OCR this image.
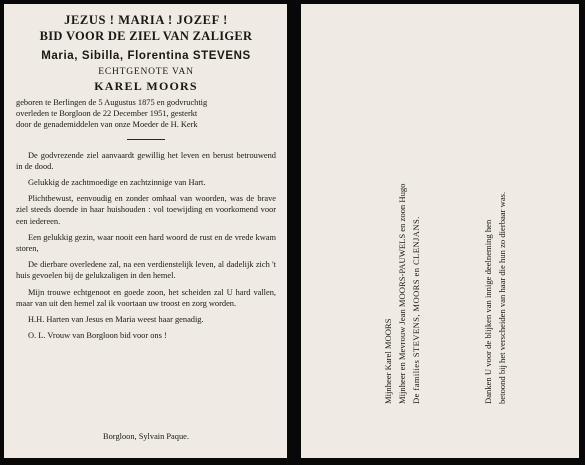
JEZUS ! MARIA ! JOZEF !
BID VOOR DE ZIEL VAN ZALIGER
Maria, Sibilla, Florentina STEVENS
ECHTGENOTE VAN
KAREL MOORS
geboren te Berlingen de 5 Augustus 1875 en godvruchtig
overleden te Borgloon de 22 December 1951, gesterkt
door de genademiddelen van onze Moeder de H. Kerk
De godvrezende ziel aanvaardt gewillig het leven en berust betrouwend in de dood.
Gelukkig de zachtmoedige en zachtzinnige van Hart.
Plichtbewust, eenvoudig en zonder omhaal van woorden, was de brave ziel steeds doende in haar huishouden : vol toewijding en voorkomend voor een iedereen.
Een gelukkig gezin, waar nooit een hard woord de rust en de vrede kwam storen,
De dierbare overledene zal, na een verdienstelijk leven, al dadelijk zich 't huis gevoelen bij de gelukzaligen in den hemel.
Mijn trouwe echtgenoot en goede zoon, het scheiden zal U hard vallen, maar van uit den hemel zal ik voortaan uw troost en zorg worden.
H.H. Harten van Jesus en Maria weest haar genadig.
O. L. Vrouw van Borgloon bid voor ons !
Borgloon, Sylvain Paque.
Mijnheer Karel MOORS Mijnheer en Mevrouw Jean MOORS-PAUWELS en zoon Hugo De families STEVENS, MOORS en CLENJANS.	Danken U voor de blijken van innige deelneming hen betoond bij het verscheiden van haar die hun zo dierbaar was.
